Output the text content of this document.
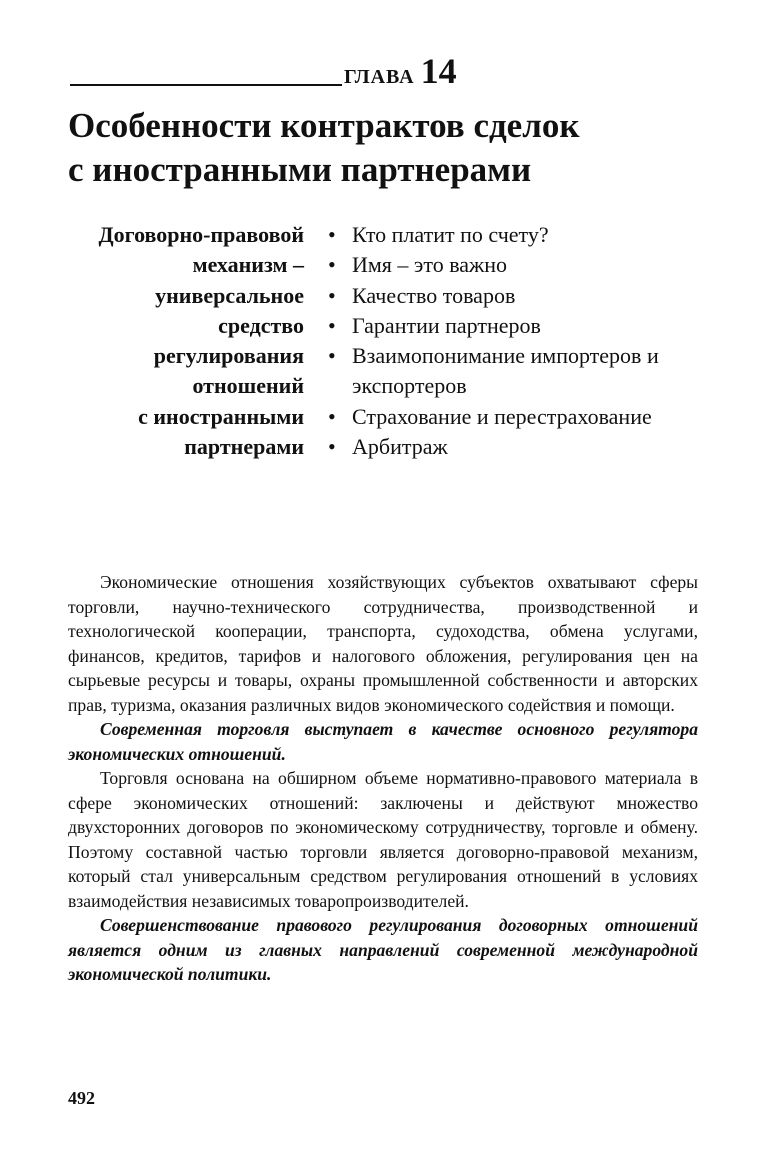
ГЛАВА 14
Особенности контрактов сделок
с иностранными партнерами
Договорно-правовой
механизм –
универсальное
средство
регулирования
отношений
с иностранными
партнерами
• Кто платит по счету?
• Имя – это важно
• Качество товаров
• Гарантии партнеров
• Взаимопонимание импортеров и экспортеров
• Страхование и перестрахование
• Арбитраж

Экономические отношения хозяйствующих субъектов охватывают сферы торговли, научно-технического сотрудничества, производственной и технологической кооперации, транспорта, судоходства, обмена услугами, финансов, кредитов, тарифов и налогового обложения, регулирования цен на сырьевые ресурсы и товары, охраны промышленной собственности и авторских прав, туризма, оказания различных видов экономического содействия и помощи.

Современная торговля выступает в качестве основного регулятора экономических отношений.

Торговля основана на обширном объеме нормативно-правового материала в сфере экономических отношений: заключены и действуют множество двухсторонних договоров по экономическому сотрудничеству, торговле и обмену. Поэтому составной частью торговли является договорно-правовой механизм, который стал универсальным средством регулирования отношений в условиях взаимодействия независимых товаропроизводителей.

Совершенствование правового регулирования договорных отношений является одним из главных направлений современной международной экономической политики.

492
